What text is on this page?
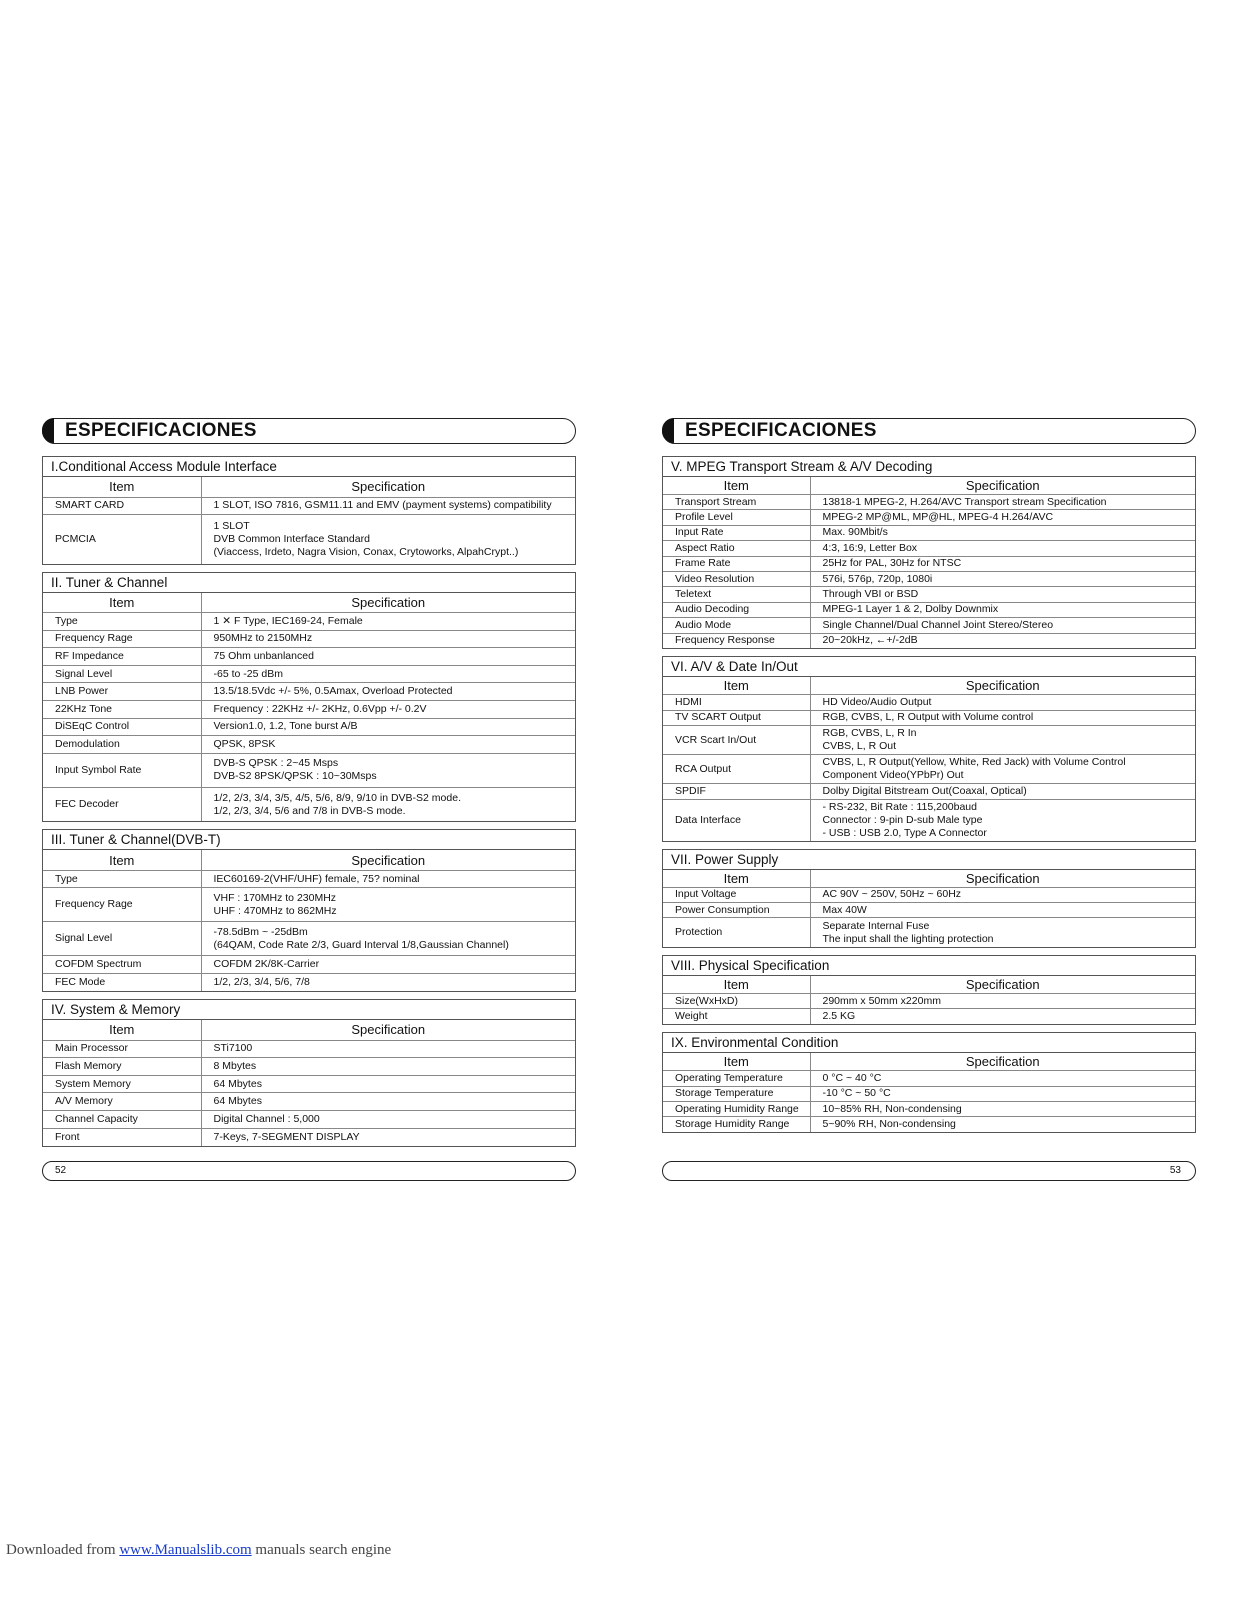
ESPECIFICACIONES
I.Conditional Access Module Interface
Item	Specification
SMART CARD	1 SLOT, ISO 7816, GSM11.11 and EMV (payment systems) compatibility
PCMCIA	1 SLOT
DVB Common Interface Standard
(Viaccess, Irdeto, Nagra Vision, Conax, Crytoworks, AlpahCrypt..)
II. Tuner & Channel
Item	Specification
Type	1 ✕ F Type, IEC169-24, Female
Frequency Rage	950MHz to 2150MHz
RF Impedance	75 Ohm unbanlanced
Signal Level	-65 to -25 dBm
LNB Power	13.5/18.5Vdc +/- 5%, 0.5Amax, Overload Protected
22KHz Tone	Frequency : 22KHz +/- 2KHz, 0.6Vpp +/- 0.2V
DiSEqC Control	Version1.0, 1.2, Tone burst A/B
Demodulation	QPSK, 8PSK
Input Symbol Rate	DVB-S QPSK : 2~45 Msps
DVB-S2 8PSK/QPSK : 10~30Msps
FEC Decoder	1/2, 2/3, 3/4, 3/5, 4/5, 5/6, 8/9, 9/10 in DVB-S2 mode.
1/2, 2/3, 3/4, 5/6 and 7/8 in DVB-S mode.
III. Tuner & Channel(DVB-T)
Item	Specification
Type	IEC60169-2(VHF/UHF) female, 75? nominal
Frequency Rage	VHF : 170MHz to 230MHz
UHF : 470MHz to 862MHz
Signal Level	-78.5dBm ~ -25dBm
(64QAM, Code Rate 2/3, Guard Interval 1/8,Gaussian Channel)
COFDM Spectrum	COFDM 2K/8K-Carrier
FEC Mode	1/2, 2/3, 3/4, 5/6, 7/8
IV. System & Memory
Item	Specification
Main Processor	STi7100
Flash Memory	8 Mbytes
System Memory	64 Mbytes
A/V Memory	64 Mbytes
Channel Capacity	Digital Channel : 5,000
Front	7-Keys, 7-SEGMENT DISPLAY
ESPECIFICACIONES
V. MPEG Transport Stream & A/V Decoding
Item	Specification
Transport Stream	13818-1 MPEG-2, H.264/AVC Transport stream Specification
Profile Level	MPEG-2 MP@ML, MP@HL, MPEG-4 H.264/AVC
Input Rate	Max. 90Mbit/s
Aspect Ratio	4:3, 16:9, Letter Box
Frame Rate	25Hz for PAL, 30Hz for NTSC
Video Resolution	576i, 576p, 720p, 1080i
Teletext	Through VBI or BSD
Audio Decoding	MPEG-1 Layer 1 & 2, Dolby Downmix
Audio Mode	Single Channel/Dual Channel Joint Stereo/Stereo
Frequency Response	20~20kHz, ←+/-2dB
VI. A/V & Date In/Out
Item	Specification
HDMI	HD Video/Audio Output
TV SCART Output	RGB, CVBS, L, R Output with Volume control
VCR Scart In/Out	RGB, CVBS, L, R In
CVBS, L, R Out
RCA Output	CVBS, L, R Output(Yellow, White, Red Jack) with Volume Control
Component Video(YPbPr) Out
SPDIF	Dolby Digital Bitstream Out(Coaxal, Optical)
Data Interface	- RS-232, Bit Rate : 115,200baud
Connector : 9-pin D-sub Male type
- USB : USB 2.0, Type A Connector
VII. Power Supply
Item	Specification
Input Voltage	AC 90V ~ 250V, 50Hz ~ 60Hz
Power Consumption	Max 40W
Protection	Separate Internal Fuse
The input shall the lighting protection
VIII. Physical Specification
Item	Specification
Size(WxHxD)	290mm x 50mm x220mm
Weight	2.5 KG
IX. Environmental Condition
Item	Specification
Operating Temperature	0 °C ~ 40 °C
Storage Temperature	-10 °C ~ 50 °C
Operating Humidity Range	10~85% RH, Non-condensing
Storage Humidity Range	5~90% RH, Non-condensing
52	53
Downloaded from www.Manualslib.com manuals search engine
